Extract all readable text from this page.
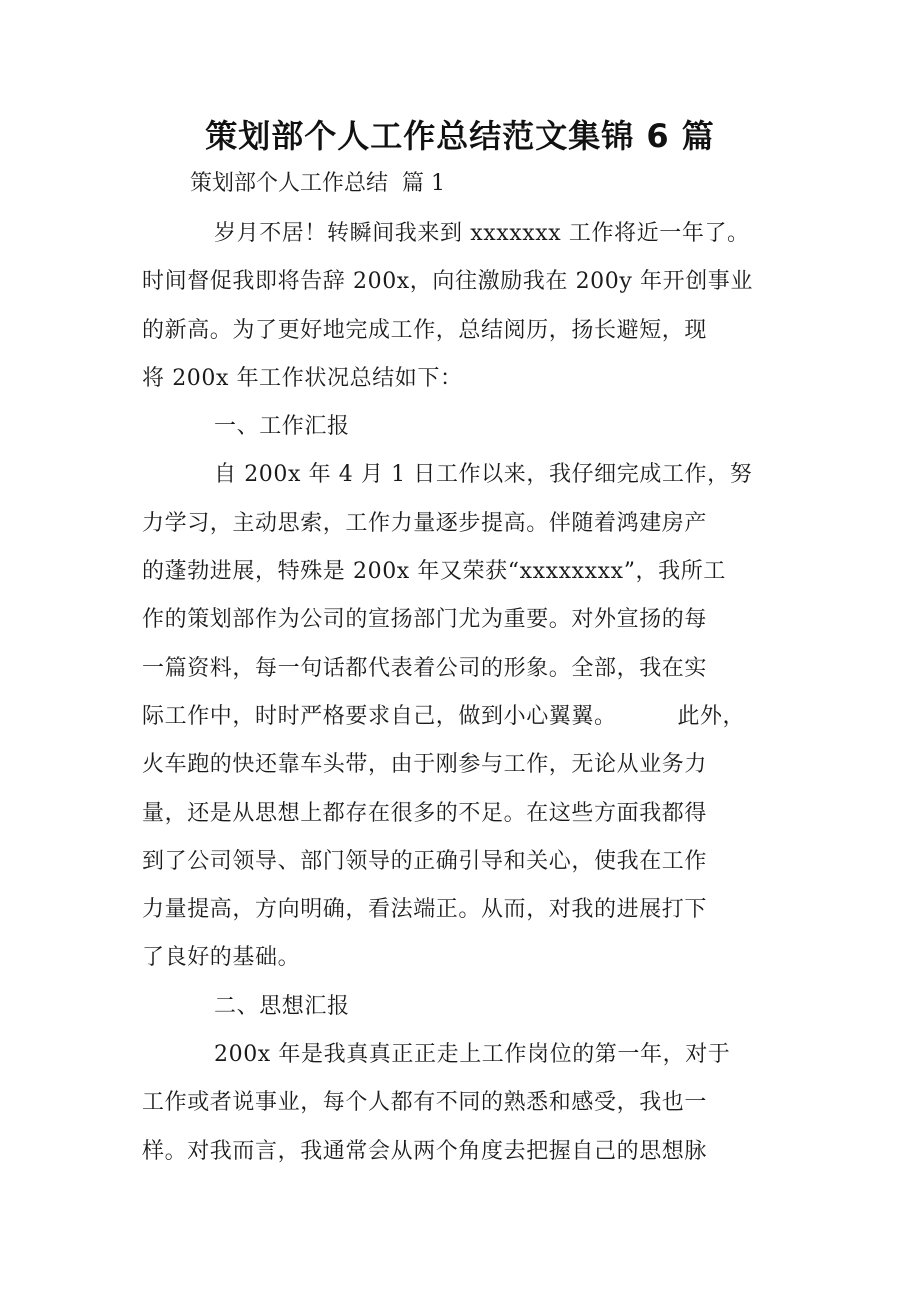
策划部个人工作总结范文集锦 6 篇
策划部个人工作总结  篇 1
岁月不居！转瞬间我来到 xxxxxxx 工作将近一年了。
时间督促我即将告辞 200x，向往激励我在 200y 年开创事业
的新高。为了更好地完成工作，总结阅历，扬长避短，现
将 200x 年工作状况总结如下：
一、工作汇报
自 200x 年 4 月 1 日工作以来，我仔细完成工作，努
力学习，主动思索，工作力量逐步提高。伴随着鸿建房产
的蓬勃进展，特殊是 200x 年又荣获“xxxxxxxx”，我所工
作的策划部作为公司的宣扬部门尤为重要。对外宣扬的每
一篇资料，每一句话都代表着公司的形象。全部，我在实
际工作中，时时严格要求自己，做到小心翼翼。        此外，
火车跑的快还靠车头带，由于刚参与工作，无论从业务力
量，还是从思想上都存在很多的不足。在这些方面我都得
到了公司领导、部门领导的正确引导和关心，使我在工作
力量提高，方向明确，看法端正。从而，对我的进展打下
了良好的基础。
二、思想汇报
200x 年是我真真正正走上工作岗位的第一年，对于
工作或者说事业，每个人都有不同的熟悉和感受，我也一
样。对我而言，我通常会从两个角度去把握自己的思想脉
